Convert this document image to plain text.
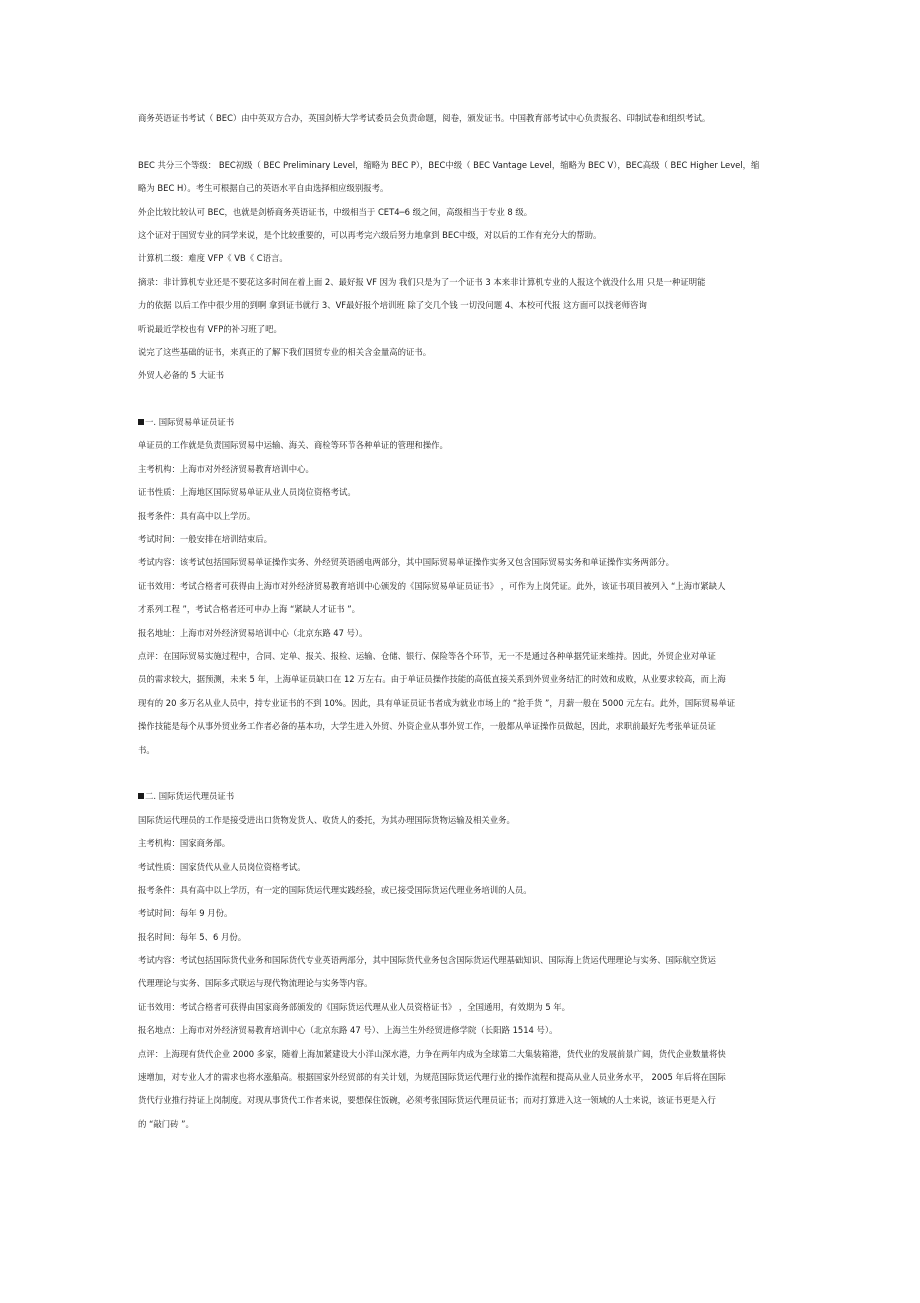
商务英语证书考试（ BEC）由中英双方合办，英国剑桥大学考试委员会负责命题，阅卷，颁发证书。中国教育部考试中心负责报名、印制试卷和组织考试。
BEC 共分三个等级： BEC初级（ BEC Preliminary Level，缩略为 BEC P），BEC中级（ BEC Vantage Level，缩略为 BEC V），BEC高级（ BEC Higher Level，缩
略为 BEC H）。考生可根据自己的英语水平自由选择相应级别报考。
外企比较比较认可 BEC，也就是剑桥商务英语证书，中级相当于 CET4─6 级之间，高级相当于专业 8 级。
这个证对于国贸专业的同学来说，是个比较重要的，可以再考完六级后努力地拿到 BEC中级，对以后的工作有充分大的帮助。
计算机二级：难度 VFP《 VB《 C语言。
摘录：非计算机专业还是不要花这多时间在着上面 2、最好报 VF 因为 我们只是为了一个证书 3 本来非计算机专业的人报这个就没什么用 只是一种证明能
力的依据 以后工作中很少用的到啊 拿到证书就行 3、VF最好报个培训班 除了交几个钱 一切没问题 4、本校可代报 这方面可以找老师咨询
听说最近学校也有 VFP的补习班了吧。
说完了这些基础的证书，来真正的了解下我们国贸专业的相关含金量高的证书。
外贸人必备的 5 大证书
一. 国际贸易单证员证书
单证员的工作就是负责国际贸易中运输、海关、商检等环节各种单证的管理和操作。
主考机构：上海市对外经济贸易教育培训中心。
证书性质：上海地区国际贸易单证从业人员岗位资格考试。
报考条件：具有高中以上学历。
考试时间：一般安排在培训结束后。
考试内容：该考试包括国际贸易单证操作实务、外经贸英语函电两部分，其中国际贸易单证操作实务又包含国际贸易实务和单证操作实务两部分。
证书效用：考试合格者可获得由上海市对外经济贸易教育培训中心颁发的《国际贸易单证员证书》 ，可作为上岗凭证。此外，该证书项目被列入 “上海市紧缺人
才系列工程 ”，考试合格者还可申办上海 “紧缺人才证书 ”。
报名地址：上海市对外经济贸易培训中心（北京东路 47 号）。
点评：在国际贸易实施过程中，合同、定单、报关、报检、运输、仓储、银行、保险等各个环节，无一不是通过各种单据凭证来维持。因此，外贸企业对单证
员的需求较大，据预测，未来 5 年，上海单证员缺口在 12 万左右。由于单证员操作技能的高低直接关系到外贸业务结汇的时效和成败，从业要求较高，而上海
现有的 20 多万名从业人员中，持专业证书的不到 10%。因此，具有单证员证书者成为就业市场上的 “抢手货 ”，月薪一般在 5000 元左右。此外，国际贸易单证
操作技能是每个从事外贸业务工作者必备的基本功，大学生进入外贸、外资企业从事外贸工作，一般都从单证操作员做起，因此，求职前最好先考张单证员证
书。
二. 国际货运代理员证书
国际货运代理员的工作是接受进出口货物发货人、收货人的委托，为其办理国际货物运输及相关业务。
主考机构：国家商务部。
考试性质：国家货代从业人员岗位资格考试。
报考条件：具有高中以上学历，有一定的国际货运代理实践经验，或已接受国际货运代理业务培训的人员。
考试时间：每年 9 月份。
报名时间：每年 5、6 月份。
考试内容：考试包括国际货代业务和国际货代专业英语两部分，其中国际货代业务包含国际货运代理基础知识、国际海上货运代理理论与实务、国际航空货运
代理理论与实务、国际多式联运与现代物流理论与实务等内容。
证书效用：考试合格者可获得由国家商务部颁发的《国际货运代理从业人员资格证书》 ，全国通用，有效期为 5 年。
报名地点：上海市对外经济贸易教育培训中心（北京东路 47 号）、上海兰生外经贸进修学院（长阳路 1514 号）。
点评：上海现有货代企业 2000 多家，随着上海加紧建设大小洋山深水港，力争在两年内成为全球第二大集装箱港，货代业的发展前景广阔，货代企业数量将快
速增加，对专业人才的需求也将水涨船高。根据国家外经贸部的有关计划，为规范国际货运代理行业的操作流程和提高从业人员业务水平， 2005 年后将在国际
货代行业推行持证上岗制度。对现从事货代工作者来说，要想保住饭碗，必须考张国际货运代理员证书；而对打算进入这一领域的人士来说，该证书更是入行
的 “敲门砖 ”。
